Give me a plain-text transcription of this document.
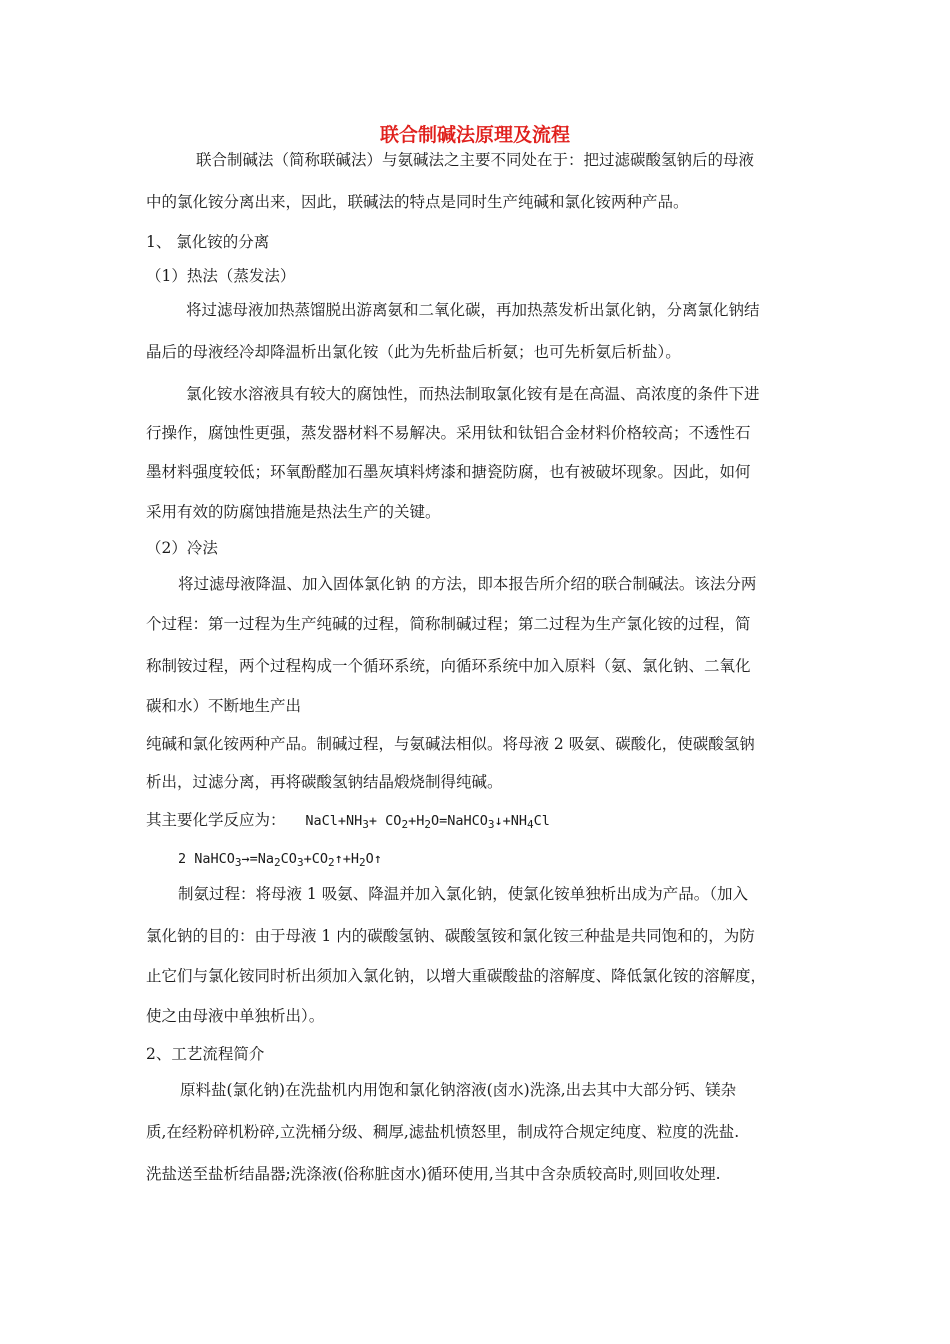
联合制碱法原理及流程
联合制碱法（简称联碱法）与氨碱法之主要不同处在于：把过滤碳酸氢钠后的母液
中的氯化铵分离出来，因此，联碱法的特点是同时生产纯碱和氯化铵两种产品。
1、 氯化铵的分离
（1）热法（蒸发法）
将过滤母液加热蒸馏脱出游离氨和二氧化碳，再加热蒸发析出氯化钠，分离氯化钠结
晶后的母液经冷却降温析出氯化铵（此为先析盐后析氨；也可先析氨后析盐）。
氯化铵水溶液具有较大的腐蚀性，而热法制取氯化铵有是在高温、高浓度的条件下进
行操作，腐蚀性更强，蒸发器材料不易解决。采用钛和钛铝合金材料价格较高；不透性石
墨材料强度较低；环氧酚醛加石墨灰填料烤漆和搪瓷防腐，也有被破坏现象。因此，如何
采用有效的防腐蚀措施是热法生产的关键。
（2）冷法
将过滤母液降温、加入固体氯化钠 的方法，即本报告所介绍的联合制碱法。该法分两
个过程：第一过程为生产纯碱的过程，简称制碱过程；第二过程为生产氯化铵的过程，简
称制铵过程，两个过程构成一个循环系统，向循环系统中加入原料（氨、氯化钠、二氧化
碳和水）不断地生产出
纯碱和氯化铵两种产品。制碱过程，与氨碱法相似。将母液 2 吸氨、碳酸化，使碳酸氢钠
析出，过滤分离，再将碳酸氢钠结晶煅烧制得纯碱。
其主要化学反应为： $NaCl+NH_3+$ $CO_2+H_2O=NaHCO_3↓+NH_4Cl$
2 $NaHCO_3\to=Na_2CO_3+CO_2↑+H_2O↑$
制氨过程：将母液 1 吸氨、降温并加入氯化钠，使氯化铵单独析出成为产品。（加入
氯化钠的目的：由于母液 1 内的碳酸氢钠、碳酸氢铵和氯化铵三种盐是共同饱和的，为防
止它们与氯化铵同时析出须加入氯化钠，以增大重碳酸盐的溶解度、降低氯化铵的溶解度，
使之由母液中单独析出）。
2、工艺流程简介
原料盐(氯化钠)在洗盐机内用饱和氯化钠溶液(卤水)洗涤,出去其中大部分钙、镁杂
质,在经粉碎机粉碎,立洗桶分级、稠厚,滤盐机愤怒里，制成符合规定纯度、粒度的洗盐.
洗盐送至盐析结晶器;洗涤液(俗称脏卤水)循环使用,当其中含杂质较高时,则回收处理.
